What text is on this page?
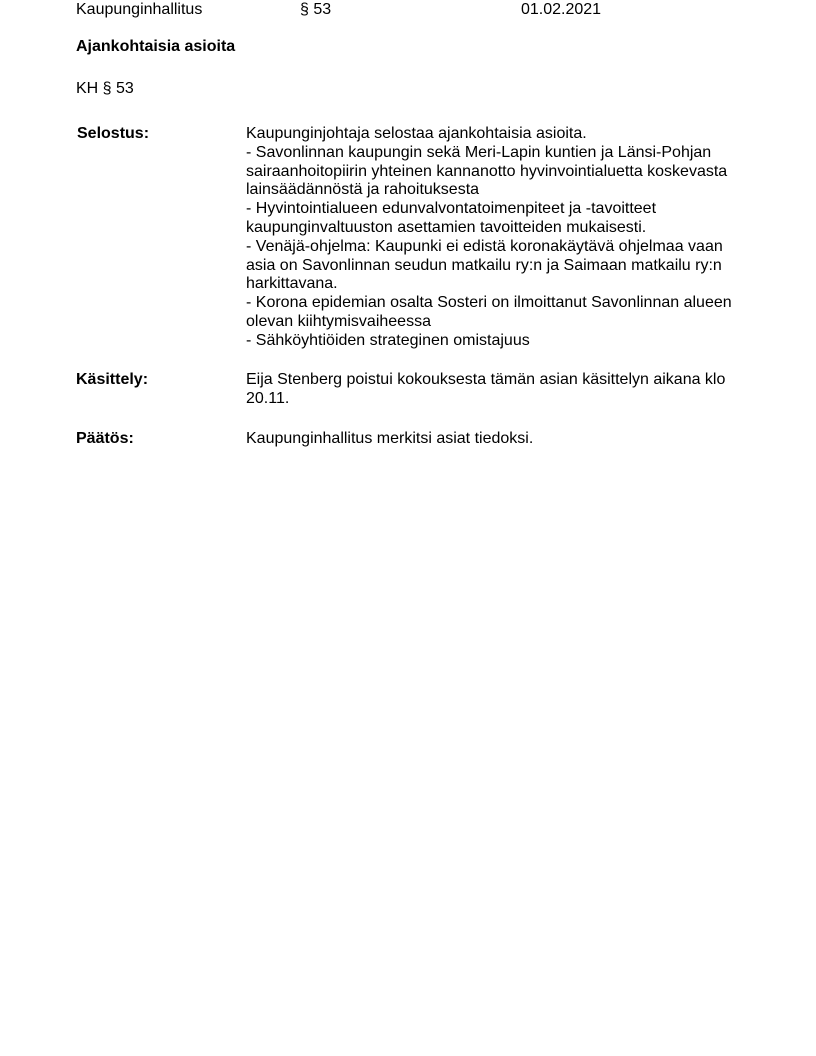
Kaupunginhallitus	§ 53	01.02.2021
Ajankohtaisia asioita
KH § 53
Selostus:	Kaupunginjohtaja selostaa ajankohtaisia asioita.
- Savonlinnan kaupungin sekä Meri-Lapin kuntien ja Länsi-Pohjan
sairaanhoitopiirin yhteinen kannanotto hyvinvointialuetta koskevasta
lainsäädännöstä ja rahoituksesta
- Hyvintointialueen edunvalvontatoimenpiteet ja -tavoitteet
kaupunginvaltuuston asettamien tavoitteiden mukaisesti.
- Venäjä-ohjelma: Kaupunki ei edistä koronakäytävä ohjelmaa vaan
asia on Savonlinnan seudun matkailu ry:n ja Saimaan matkailu ry:n
harkittavana.
- Korona epidemian osalta Sosteri on ilmoittanut Savonlinnan alueen
olevan kiihtymisvaiheessa
- Sähköyhtiöiden strateginen omistajuus
Käsittely:	Eija Stenberg poistui kokouksesta tämän asian käsittelyn aikana klo
20.11.
Päätös:	Kaupunginhallitus merkitsi asiat tiedoksi.
